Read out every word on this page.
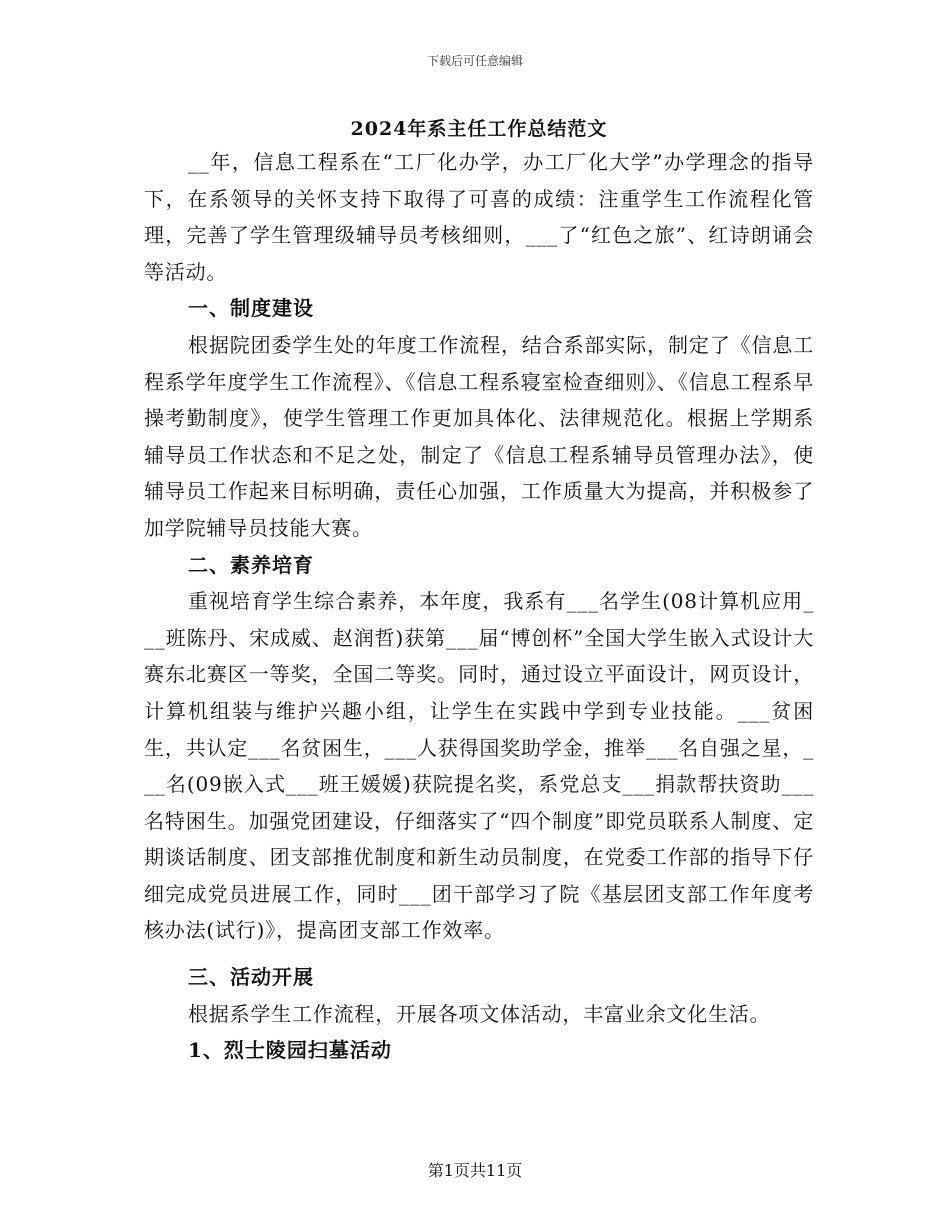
下载后可任意编辑
2024年系主任工作总结范文

__年，信息工程系在“工厂化办学，办工厂化大学”办学理念的指导下，在系领导的关怀支持下取得了可喜的成绩：注重学生工作流程化管理，完善了学生管理级辅导员考核细则，___了“红色之旅”、红诗朗诵会等活动。

一、制度建设

根据院团委学生处的年度工作流程，结合系部实际，制定了《信息工程系学年度学生工作流程》、《信息工程系寝室检查细则》、《信息工程系早操考勤制度》，使学生管理工作更加具体化、法律规范化。根据上学期系辅导员工作状态和不足之处，制定了《信息工程系辅导员管理办法》，使辅导员工作起来目标明确，责任心加强，工作质量大为提高，并积极参了加学院辅导员技能大赛。

二、素养培育

重视培育学生综合素养，本年度，我系有___名学生(08计算机应用___班陈丹、宋成威、赵润哲)获第___届“博创杯”全国大学生嵌入式设计大赛东北赛区一等奖，全国二等奖。同时，通过设立平面设计，网页设计，计算机组装与维护兴趣小组，让学生在实践中学到专业技能。___贫困生，共认定___名贫困生，___人获得国奖助学金，推举___名自强之星，___名(09嵌入式___班王媛媛)获院提名奖，系党总支___捐款帮扶资助___名特困生。加强党团建设，仔细落实了“四个制度”即党员联系人制度、定期谈话制度、团支部推优制度和新生动员制度，在党委工作部的指导下仔细完成党员进展工作，同时___团干部学习了院《基层团支部工作年度考核办法(试行)》，提高团支部工作效率。

三、活动开展

根据系学生工作流程，开展各项文体活动，丰富业余文化生活。

1、烈士陵园扫墓活动
第1页共11页
